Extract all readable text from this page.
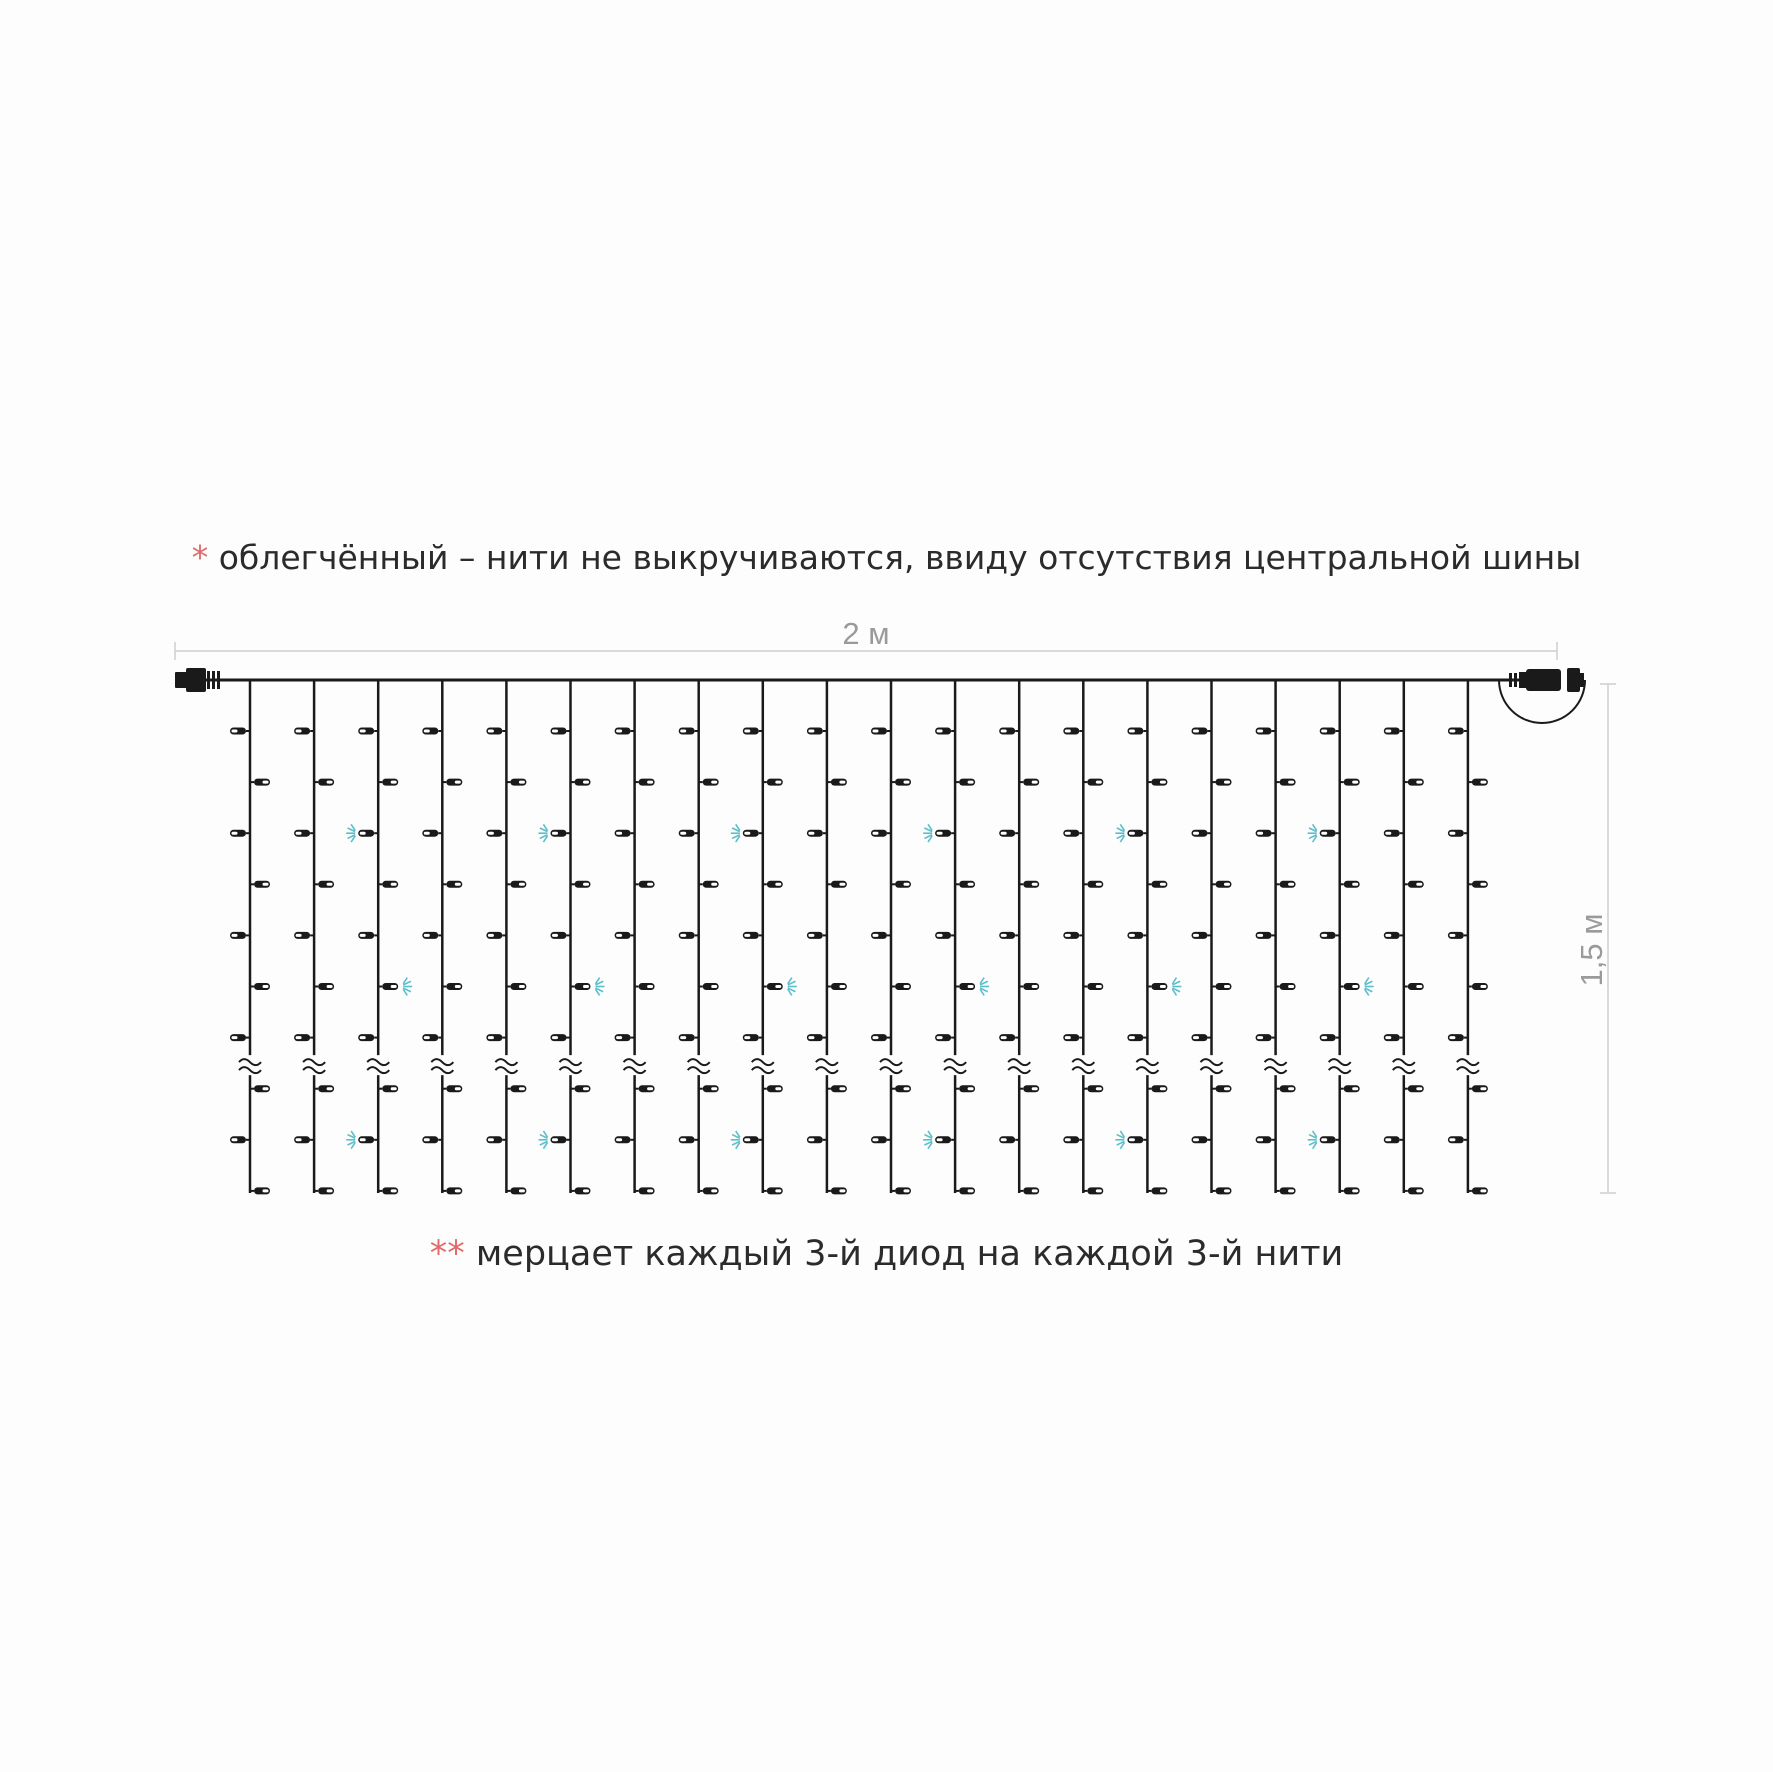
* облегчённый – нити не выкручиваются, ввиду отсутствия центральной шины
2 м
1,5 м
** мерцает каждый 3-й диод на каждой 3-й нити
